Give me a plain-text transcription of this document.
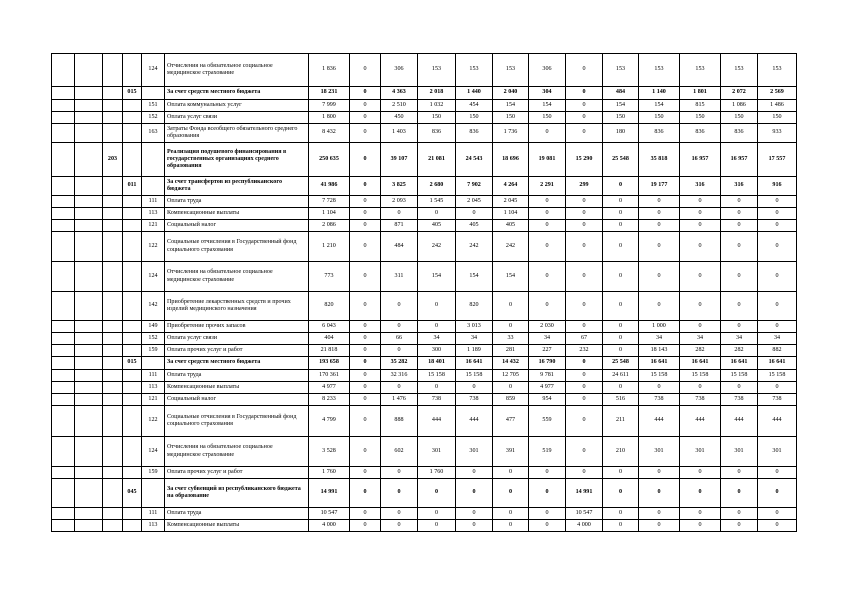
				124	Отчисления на обязательное социальное медицинское страхование	1 836	0	306	153	153	153	306	0	153	153	153	153	153
			015		За счет средств местного бюджета	18 231	0	4 363	2 018	1 440	2 040	304	0	484	1 140	1 801	2 072	2 569
				151	Оплата коммунальных услуг	7 999	0	2 510	1 032	454	154	154	0	154	154	815	1 086	1 486
				152	Оплата услуг связи	1 800	0	450	150	150	150	150	0	150	150	150	150	150
				163	Затраты Фонда всеобщего обязательного среднего образования	8 432	0	1 403	836	836	1 736	0	0	180	836	836	836	933
		203			Реализация подушевого финансирования в государственных организациях среднего образования	250 635	0	39 107	21 081	24 543	18 696	19 081	15 290	25 548	35 818	16 957	16 957	17 557
			011		За счет трансфертов из республиканского бюджета	41 986	0	3 825	2 680	7 902	4 264	2 291	299	0	19 177	316	316	916
				111	Оплата труда	7 728	0	2 093	1 545	2 045	2 045	0	0	0	0	0	0	0
				113	Компенсационные выплаты	1 104	0	0	0	0	1 104	0	0	0	0	0	0	0
				121	Социальный налог	2 086	0	871	405	405	405	0	0	0	0	0	0	0
				122	Социальные отчисления в Государственный фонд социального страхования	1 210	0	484	242	242	242	0	0	0	0	0	0	0
				124	Отчисления на обязательное социальное медицинское страхование	773	0	311	154	154	154	0	0	0	0	0	0	0
				142	Приобретение лекарственных средств и прочих изделий медицинского назначения	820	0	0	0	820	0	0	0	0	0	0	0	0
				149	Приобретение прочих запасов	6 043	0	0	0	3 013	0	2 030	0	0	1 000	0	0	0
				152	Оплата услуг связи	404	0	66	34	34	33	34	67	0	34	34	34	34
				159	Оплата прочих услуг и работ	21 818	0	0	300	1 189	281	227	232	0	18 143	282	282	882
			015		За счет средств местного бюджета	193 658	0	35 282	18 401	16 641	14 432	16 790	0	25 548	16 641	16 641	16 641	16 641
				111	Оплата труда	170 361	0	32 316	15 158	15 158	12 705	9 781	0	24 611	15 158	15 158	15 158	15 158
				113	Компенсационные выплаты	4 977	0	0	0	0	0	4 977	0	0	0	0	0	0
				121	Социальный налог	8 233	0	1 476	738	738	859	954	0	516	738	738	738	738
				122	Социальные отчисления в Государственный фонд социального страхования	4 799	0	888	444	444	477	559	0	211	444	444	444	444
				124	Отчисления на обязательное социальное медицинское страхование	3 528	0	602	301	301	391	519	0	210	301	301	301	301
				159	Оплата прочих услуг и работ	1 760	0	0	1 760	0	0	0	0	0	0	0	0	0
			045		За счет субвенций из республиканского бюджета на образование	14 991	0	0	0	0	0	0	14 991	0	0	0	0	0
				111	Оплата труда	10 547	0	0	0	0	0	0	10 547	0	0	0	0	0
				113	Компенсационные выплаты	4 000	0	0	0	0	0	0	4 000	0	0	0	0	0
